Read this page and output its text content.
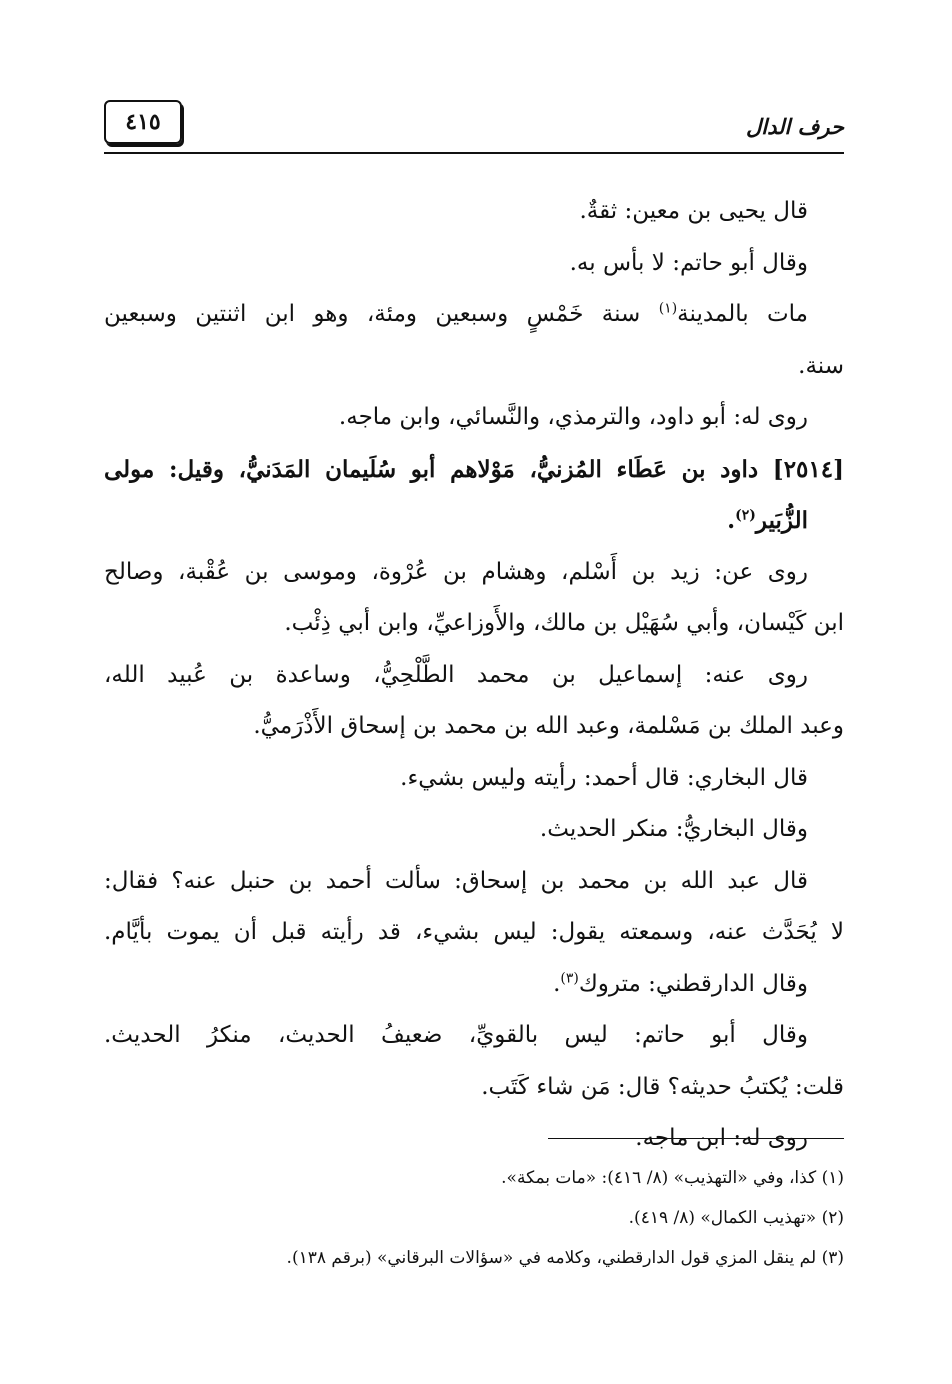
حرف الدال
٤١٥
قال يحيى بن معين: ثقةٌ.
وقال أبو حاتم: لا بأس به.
مات بالمدينة$^{(١)}$ سنة خَمْسٍ وسبعين ومئة، وهو ابن اثنتين وسبعين
سنة.
روى له: أبو داود، والترمذي، والنَّسائي، وابن ماجه.
[٢٥١٤] داود بن عَطَاء المُزنيُّ، مَوْلاهم أبو سُلَيمان المَدَنيُّ، وقيل: مولى
الزُّبَير$^{(٢)}$.
روى عن: زيد بن أَسْلم، وهشام بن عُرْوة، وموسى بن عُقْبة، وصالح
ابن كَيْسان، وأبي سُهَيْل بن مالك، والأَوزاعيِّ، وابن أبي ذِئْب.
روى عنه: إسماعيل بن محمد الطَّلْحِيُّ، وساعدة بن عُبيد الله،
وعبد الملك بن مَسْلمة، وعبد الله بن محمد بن إسحاق الأَذْرَميُّ.
قال البخاري: قال أحمد: رأيته وليس بشيء.
وقال البخاريُّ: منكر الحديث.
قال عبد الله بن محمد بن إسحاق: سألت أحمد بن حنبل عنه؟ فقال:
لا يُحَدَّث عنه، وسمعته يقول: ليس بشيء، قد رأيته قبل أن يموت بأيَّام.
وقال الدارقطني: متروك$^{(٣)}$.
وقال أبو حاتم: ليس بالقويِّ، ضعيفُ الحديث، منكرُ الحديث.
قلت: يُكتبُ حديثه؟ قال: مَن شاء كَتَب.
روى له: ابن ماجه.
(١) كذا، وفي «التهذيب» (٨/ ٤١٦): «مات بمكة».
(٢) «تهذيب الكمال» (٨/ ٤١٩).
(٣) لم ينقل المزي قول الدارقطني، وكلامه في «سؤالات البرقاني» (برقم ١٣٨).
